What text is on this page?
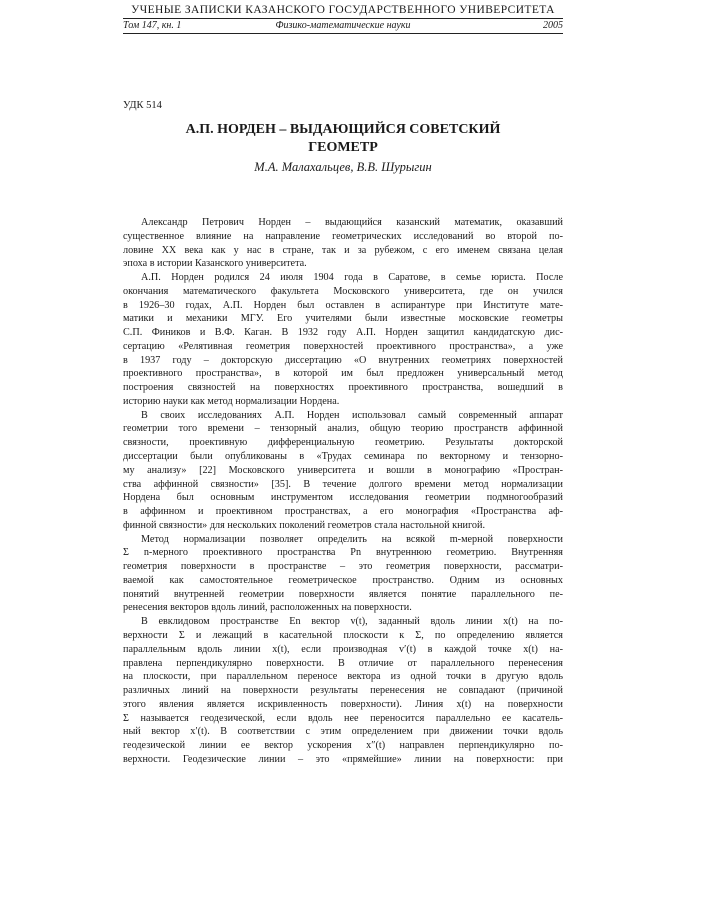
УЧЕНЫЕ ЗАПИСКИ КАЗАНСКОГО ГОСУДАРСТВЕННОГО УНИВЕРСИТЕТА
Том 147, кн. 1	Физико-математические науки	2005
УДК 514
А.П. НОРДЕН – ВЫДАЮЩИЙСЯ СОВЕТСКИЙ
ГЕОМЕТР
М.А. Малахальцев, В.В. Шурыгин
Александр Петрович Норден – выдающийся казанский математик, оказавший
существенное влияние на направление геометрических исследований во второй по-
ловине XX века как у нас в стране, так и за рубежом, с его именем связана целая
эпоха в истории Казанского университета.
А.П. Норден родился 24 июля 1904 года в Саратове, в семье юриста. После
окончания математического факультета Московского университета, где он учился
в 1926–30 годах, А.П. Норден был оставлен в аспирантуре при Институте мате-
матики и механики МГУ. Его учителями были известные московские геометры
С.П. Фиников и В.Ф. Каган. В 1932 году А.П. Норден защитил кандидатскую дис-
сертацию «Релятивная геометрия поверхностей проективного пространства», а уже
в 1937 году – докторскую диссертацию «О внутренних геометриях поверхностей
проективного пространства», в которой им был предложен универсальный метод
построения связностей на поверхностях проективного пространства, вошедший в
историю науки как метод нормализации Нордена.
В своих исследованиях А.П. Норден использовал самый современный аппарат
геометрии того времени – тензорный анализ, общую теорию пространств аффинной
связности, проективную дифференциальную геометрию. Результаты докторской
диссертации были опубликованы в «Трудах семинара по векторному и тензорно-
му анализу» [22] Московского университета и вошли в монографию «Простран-
ства аффинной связности» [35]. В течение долгого времени метод нормализации
Нордена был основным инструментом исследования геометрии подмногообразий
в аффинном и проективном пространствах, а его монография «Пространства аф-
финной связности» для нескольких поколений геометров стала настольной книгой.
Метод нормализации позволяет определить на всякой m-мерной поверхности
Σ n-мерного проективного пространства Pn внутреннюю геометрию. Внутренняя
геометрия поверхности в пространстве – это геометрия поверхности, рассматри-
ваемой как самостоятельное геометрическое пространство. Одним из основных
понятий внутренней геометрии поверхности является понятие параллельного пе-
ренесения векторов вдоль линий, расположенных на поверхности.
В евклидовом пространстве En вектор v(t), заданный вдоль линии x(t) на по-
верхности Σ и лежащий в касательной плоскости к Σ, по определению является
параллельным вдоль линии x(t), если производная v′(t) в каждой точке x(t) на-
правлена перпендикулярно поверхности. В отличие от параллельного перенесения
на плоскости, при параллельном переносе вектора из одной точки в другую вдоль
различных линий на поверхности результаты перенесения не совпадают (причиной
этого явления является искривленность поверхности). Линия x(t) на поверхности
Σ называется геодезической, если вдоль нее переносится параллельно ее касатель-
ный вектор x′(t). В соответствии с этим определением при движении точки вдоль
геодезической линии ее вектор ускорения x″(t) направлен перпендикулярно по-
верхности. Геодезические линии – это «прямейшие» линии на поверхности: при
